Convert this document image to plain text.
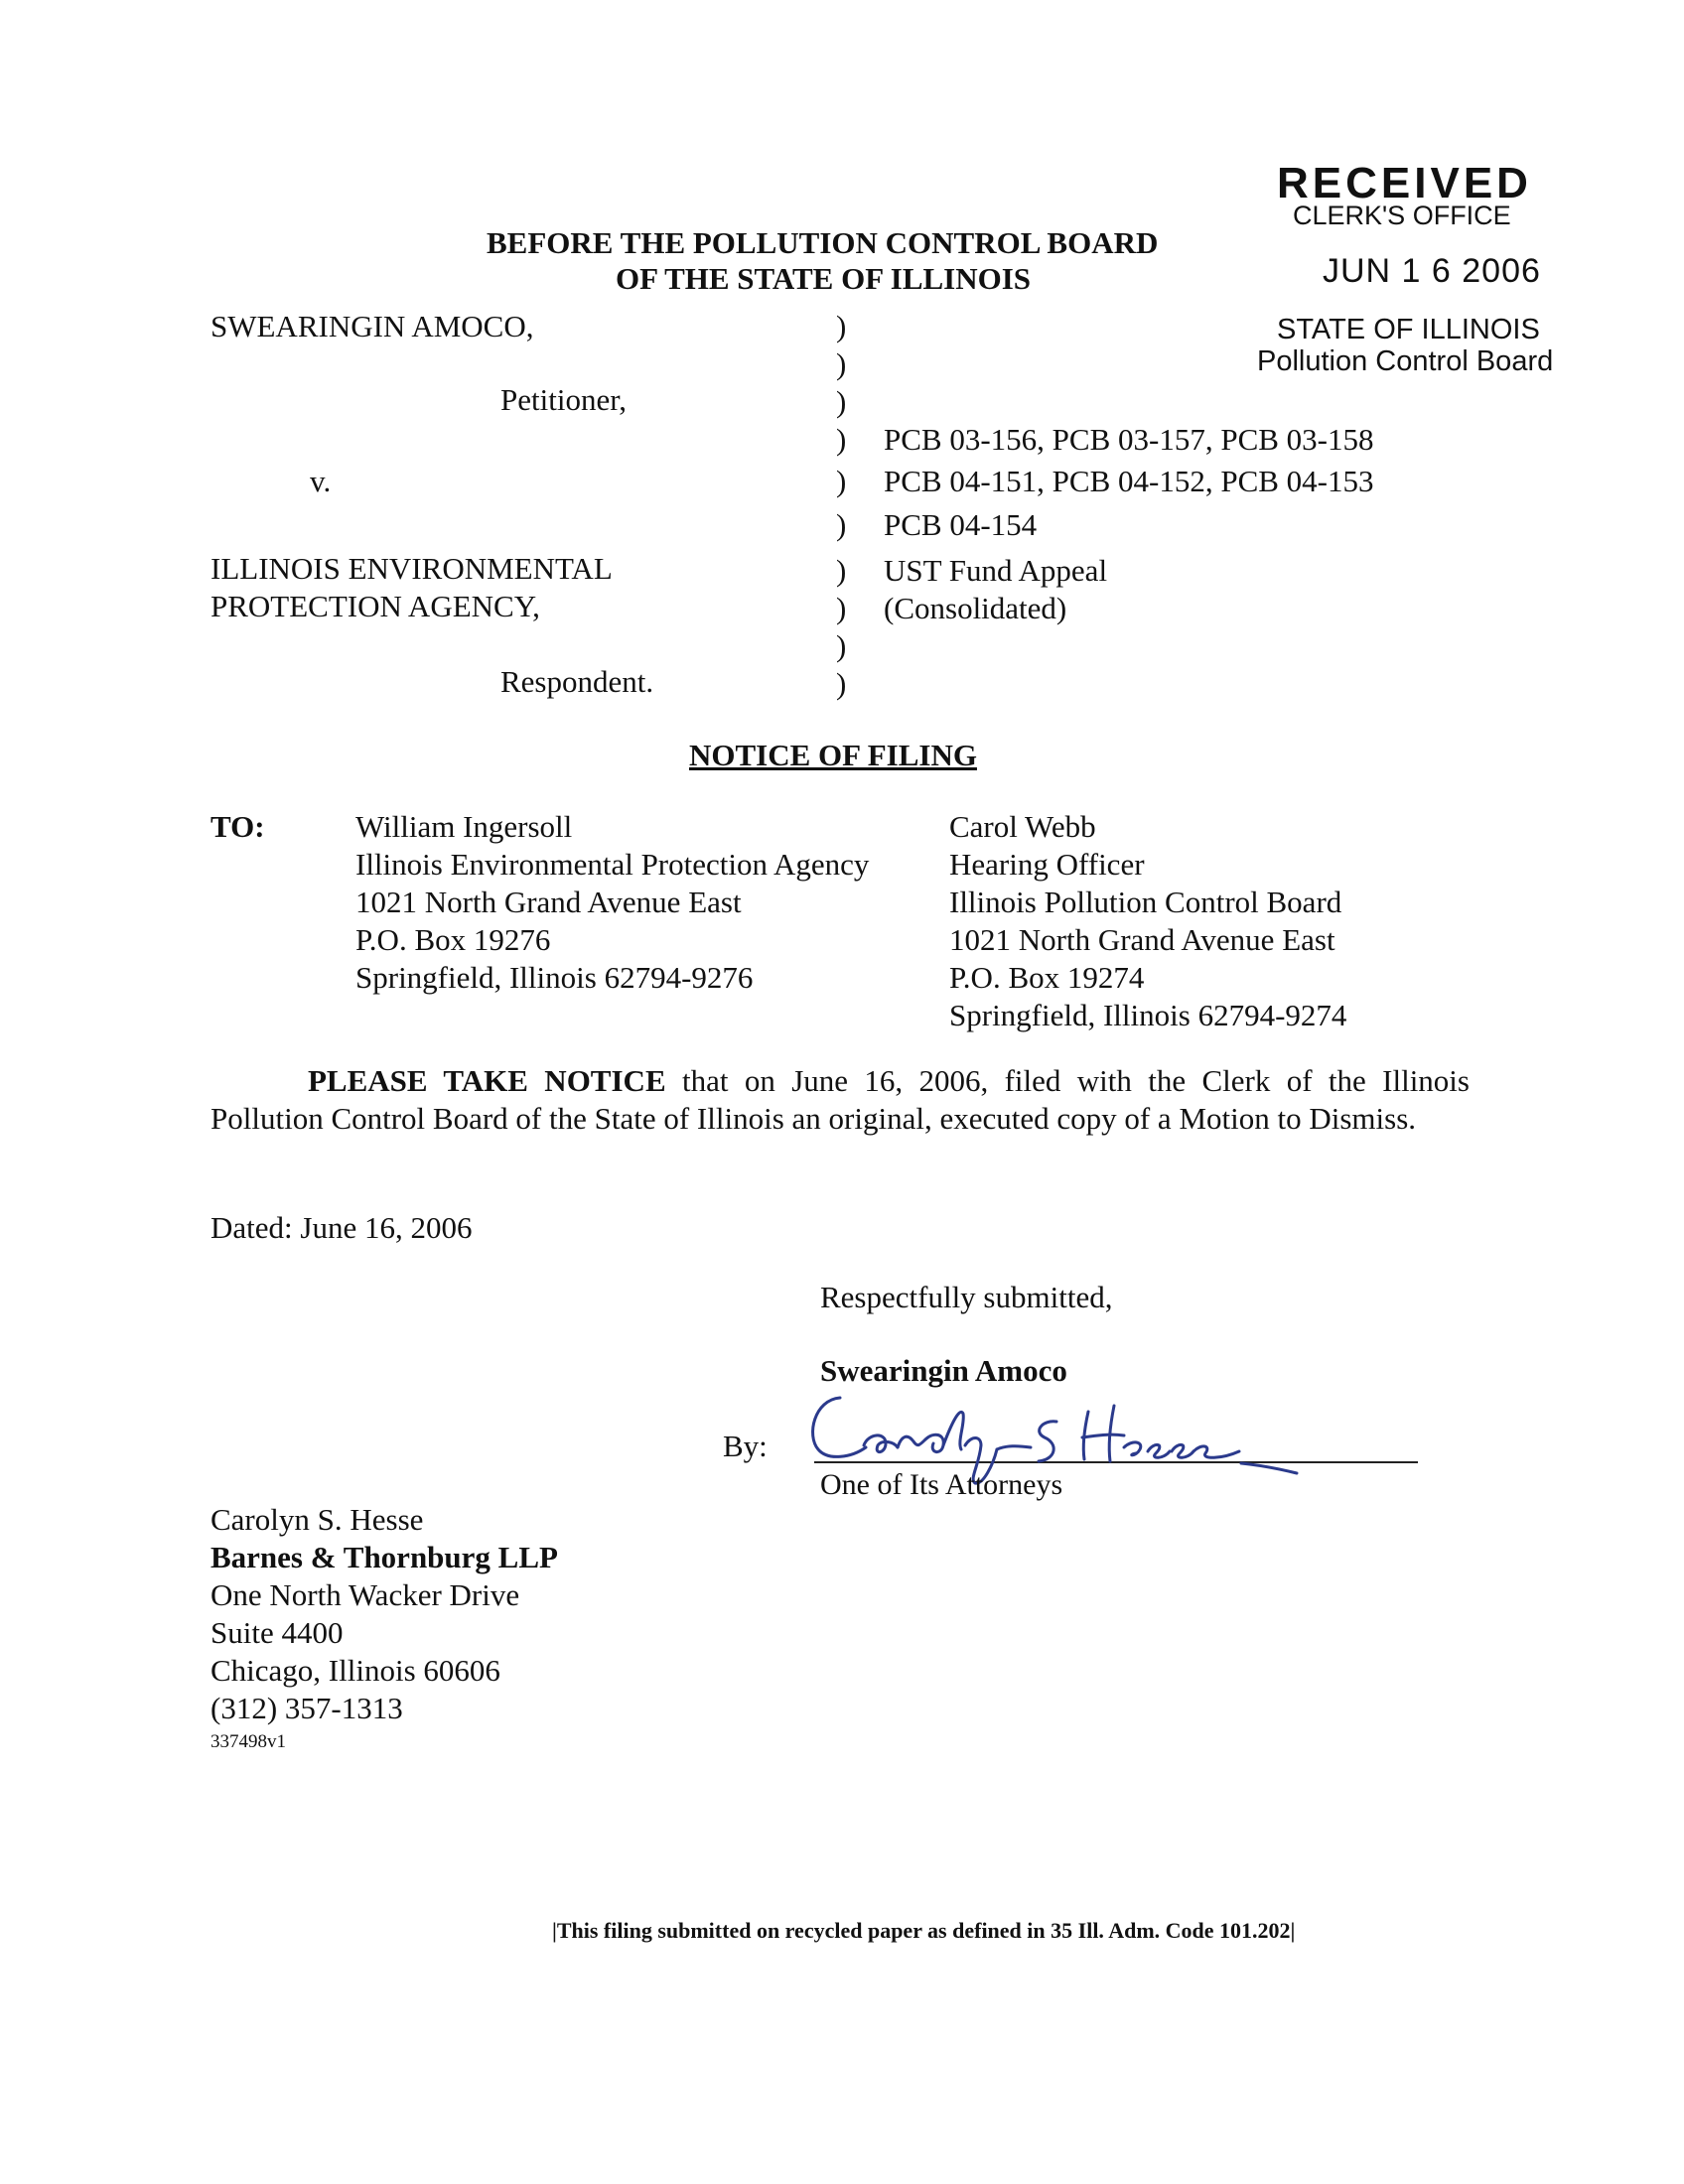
RECEIVED
CLERK'S OFFICE
JUN 1 6 2006
STATE OF ILLINOIS
Pollution Control Board
BEFORE THE POLLUTION CONTROL BOARD
OF THE STATE OF ILLINOIS
SWEARINGIN AMOCO,
Petitioner,
v.
ILLINOIS ENVIRONMENTAL
PROTECTION AGENCY,
Respondent.
)
)
)
)
)
)
)
)
)
)
PCB 03-156, PCB 03-157, PCB 03-158
PCB 04-151, PCB 04-152, PCB 04-153
PCB 04-154
UST Fund Appeal
(Consolidated)
NOTICE OF FILING
TO:	William Ingersoll
Illinois Environmental Protection Agency
1021 North Grand Avenue East
P.O. Box 19276
Springfield, Illinois 62794-9276
Carol Webb
Hearing Officer
Illinois Pollution Control Board
1021 North Grand Avenue East
P.O. Box 19274
Springfield, Illinois 62794-9274
PLEASE TAKE NOTICE that on June 16, 2006, filed with the Clerk of the Illinois Pollution Control Board of the State of Illinois an original, executed copy of a Motion to Dismiss.
Dated: June 16, 2006
Respectfully submitted,
Swearingin Amoco
By:
One of Its Attorneys
Carolyn S. Hesse
Barnes & Thornburg LLP
One North Wacker Drive
Suite 4400
Chicago, Illinois 60606
(312) 357-1313
337498v1
|This filing submitted on recycled paper as defined in 35 Ill. Adm. Code 101.202|
